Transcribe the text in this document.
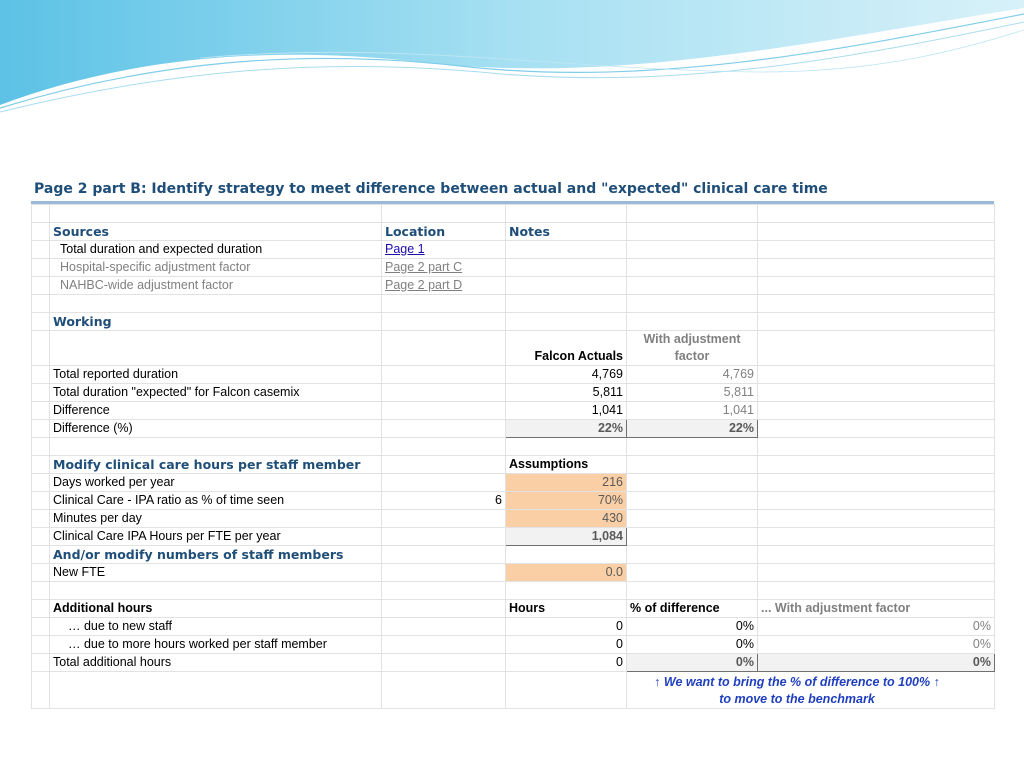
Page 2 part B: Identify strategy to meet difference between actual and "expected" clinical care time

	Sources	Location	Notes		
	Total duration and expected duration	Page 1			
	Hospital-specific adjustment factor	Page 2 part C			
	NAHBC-wide adjustment factor	Page 2 part D			

	Working				
			Falcon Actuals	With adjustment factor	
	Total reported duration		4,769	4,769	
	Total duration "expected" for Falcon casemix		5,811	5,811	
	Difference		1,041	1,041	
	Difference (%)		22%	22%	

	Modify clinical care hours per staff member		Assumptions		
	Days worked per year		216		
	Clinical Care - IPA ratio as % of time seen	6	70%		
	Minutes per day		430		
	Clinical Care IPA Hours per FTE per year		1,084		
	And/or modify numbers of staff members				
	New FTE		0.0		

	Additional hours		Hours	% of difference	... With adjustment factor
	… due to new staff		0	0%	0%
	… due to more hours worked per staff member		0	0%	0%
	Total additional hours		0	0%	0%

				↑ We want to bring the % of difference to 100% ↑
to move to the benchmark	
